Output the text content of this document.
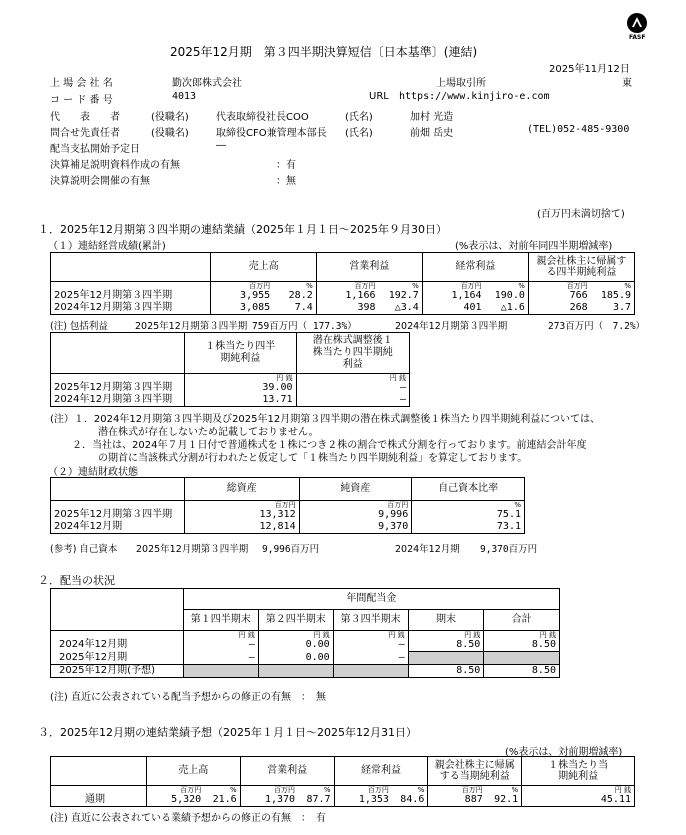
FASF
2025年12月期　第３四半期決算短信〔日本基準〕(連結)
2025年11月12日
上 場 会 社 名	勤次郎株式会社	上場取引所	東
コ ー ド 番 号	4013	URL https://www.kinjiro-e.com
代　　表　　者	(役職名)	代表取締役社長COO	(氏名)	加村 光造
問合せ先責任者	(役職名)	取締役CFO兼管理本部長 (氏名)	前畑 岳史	(TEL)052-485-9300
配当支払開始予定日	―
決算補足説明資料作成の有無	：有
決算説明会開催の有無	：無
(百万円未満切捨て)
１．2025年12月期第３四半期の連結業績（2025年１月１日～2025年９月30日）
（１）連結経営成績(累計)	(%表示は、対前年同四半期増減率)
	売上高		営業利益		経常利益		親会社株主に帰属する四半期純利益	
	百万円	%	百万円	%	百万円	%	百万円	%
2025年12月期第３四半期	3,955	28.2	1,166	192.7	1,164	190.0	766	185.9
2024年12月期第３四半期	3,085	7.4	398	△3.4	401	△1.6	268	3.7
(注) 包括利益	2025年12月期第３四半期 759百万円（ 177.3%）	2024年12月期第３四半期	273百万円（　7.2%）
	１株当たり四半期純利益	潜在株式調整後１株当たり四半期純利益
	円 銭	円 銭
2025年12月期第３四半期	39.00	―
2024年12月期第３四半期	13.71	―
(注）１．2024年12月期第３四半期及び2025年12月期第３四半期の潜在株式調整後１株当たり四半期純利益については、
潜在株式が存在しないため記載しておりません。
２．当社は、2024年７月１日付で普通株式を１株につき２株の割合で株式分割を行っております。前連結会計年度
の期首に当該株式分割が行われたと仮定して「１株当たり四半期純利益」を算定しております。
（２）連結財政状態
	総資産	純資産	自己資本比率
	百万円	百万円	%
2025年12月期第３四半期	13,312	9,996	75.1
2024年12月期	12,814	9,370	73.1
(参考) 自己資本 2025年12月期第３四半期 9,996百万円	2024年12月期 9,370百万円
２．配当の状況
	年間配当金				
	第１四半期末	第２四半期末	第３四半期末	期末	合計
	円 銭	円 銭	円 銭	円 銭	円 銭
2024年12月期	―	0.00	―	8.50	8.50
2025年12月期	―	0.00	―		
2025年12月期(予想)				8.50	8.50
(注) 直近に公表されている配当予想からの修正の有無　：　無
３．2025年12月期の連結業績予想（2025年１月１日～2025年12月31日）
(%表示は、対前期増減率)
	売上高		営業利益		経常利益		親会社株主に帰属する当期純利益		１株当たり当期純利益
	百万円	%	百万円	%	百万円	%	百万円	%	円 銭
通期	5,320	21.6	1,370	87.7	1,353	84.6	887	92.1	45.11
(注) 直近に公表されている業績予想からの修正の有無　：　有
